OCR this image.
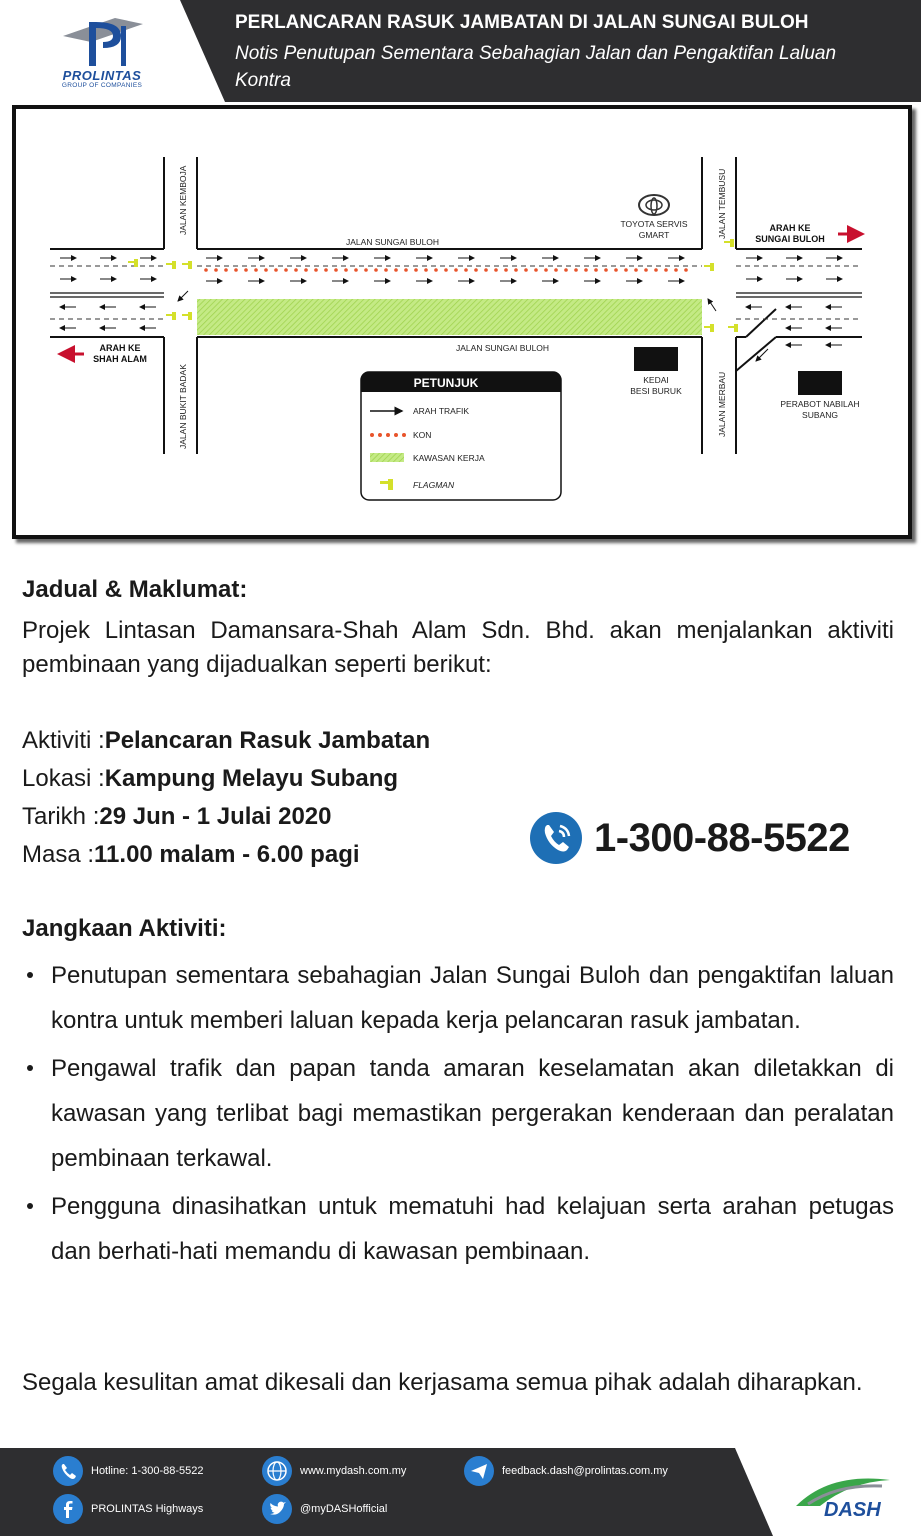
PROLINTAS
GROUP OF COMPANIES
PERLANCARAN RASUK JAMBATAN DI JALAN SUNGAI BULOH
Notis Penutupan Sementara Sebahagian Jalan dan Pengaktifan Laluan Kontra
JALAN KEMBOJA
JALAN SUNGAI BULOH
JALAN TEMBUSU
JALAN SUNGAI BULOH
JALAN BUKIT BADAK	JALAN MERBAU
TOYOTA SERVIS
GMART
KEDAI
BESI BURUK
PERABOT NABILAH
SUBANG
ARAH KE
SUNGAI BULOH
ARAH KE
SHAH ALAM
PETUNJUK
ARAH TRAFIK
KON
KAWASAN KERJA
FLAGMAN
Jadual & Maklumat:
Projek Lintasan Damansara-Shah Alam Sdn. Bhd. akan menjalankan aktiviti pembinaan yang dijadualkan seperti berikut:
Aktiviti :Pelancaran Rasuk Jambatan
Lokasi :Kampung Melayu Subang
Tarikh :29 Jun - 1 Julai 2020
Masa :11.00 malam - 6.00 pagi	1-300-88-5522
Jangkaan Aktiviti:
Penutupan sementara sebahagian Jalan Sungai Buloh dan pengaktifan laluan kontra untuk memberi laluan kepada kerja pelancaran rasuk jambatan.
Pengawal trafik dan papan tanda amaran keselamatan akan diletakkan di kawasan yang terlibat bagi memastikan pergerakan kenderaan dan peralatan pembinaan terkawal.
Pengguna dinasihatkan untuk mematuhi had kelajuan serta arahan petugas dan berhati-hati memandu di kawasan pembinaan.
Segala kesulitan amat dikesali dan kerjasama semua pihak adalah diharapkan.
Hotline: 1-300-88-5522	www.mydash.com.my	feedback.dash@prolintas.com.my
PROLINTAS Highways	@myDASHofficial	DASH
